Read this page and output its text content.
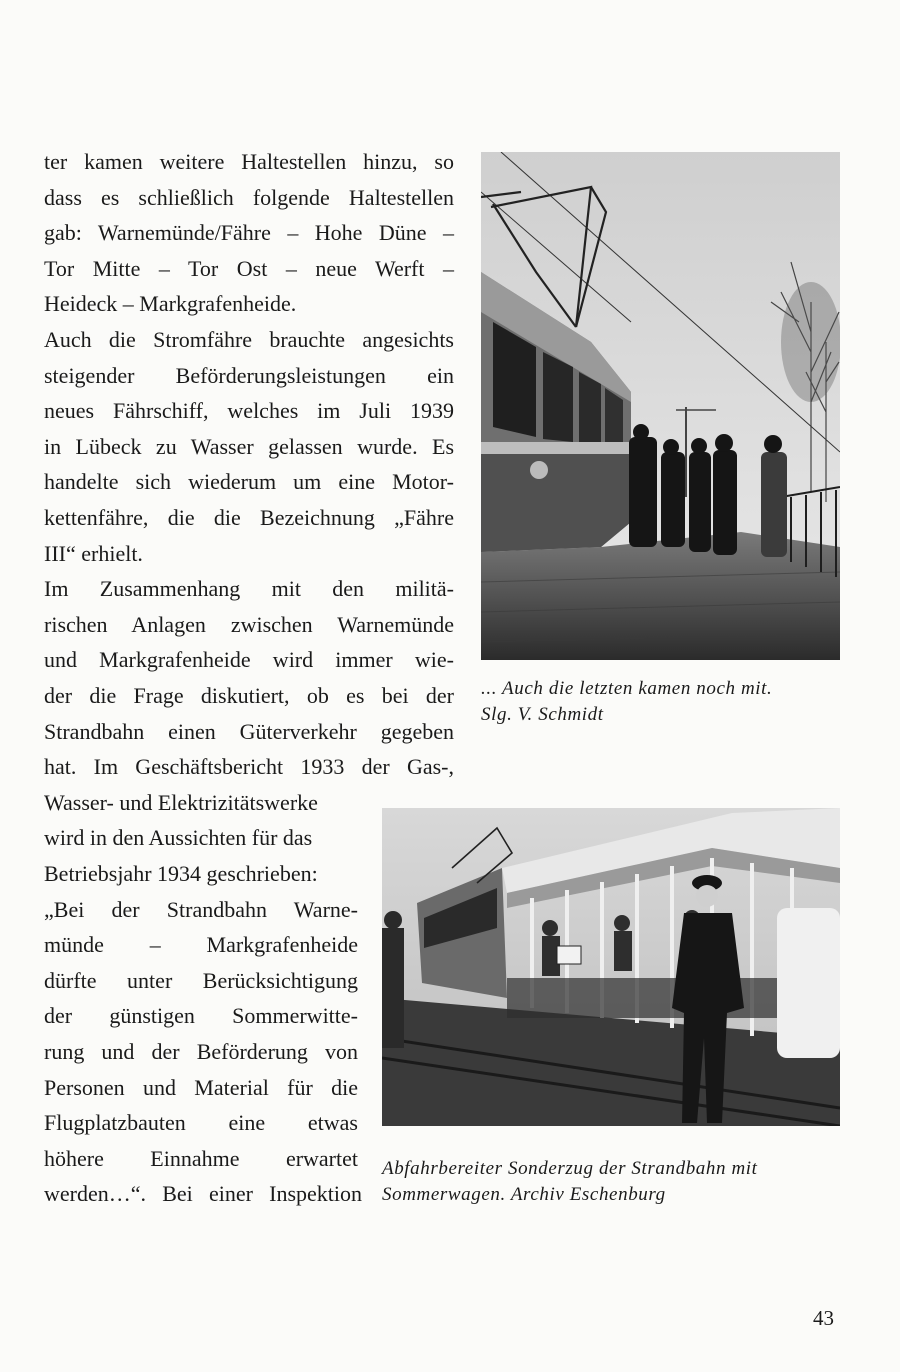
ter kamen weitere Haltestellen hinzu, so
dass es schließlich folgende Haltestellen
gab: Warnemünde/Fähre – Hohe Düne –
Tor Mitte – Tor Ost – neue Werft –
Heideck – Markgrafenheide.
Auch die Stromfähre brauchte angesichts
steigender Beförderungsleistungen ein
neues Fährschiff, welches im Juli 1939
in Lübeck zu Wasser gelassen wurde. Es
handelte sich wiederum um eine Motor-
kettenfähre, die die Bezeichnung „Fähre
III“ erhielt.
Im Zusammenhang mit den militä-
rischen Anlagen zwischen Warnemünde
und Markgrafenheide wird immer wie-
der die Frage diskutiert, ob es bei der
Strandbahn einen Güterverkehr gegeben
hat. Im Geschäftsbericht 1933 der Gas-,
Wasser- und Elektrizitätswerke
wird in den Aussichten für das
Betriebsjahr 1934 geschrieben:
„Bei der Strandbahn Warne-
münde – Markgrafenheide
dürfte unter Berücksichtigung
der günstigen Sommerwitte-
rung und der Beförderung von
Personen und Material für die
Flugplatzbauten eine etwas
höhere Einnahme erwartet
werden…“. Bei einer Inspektion
... Auch die letzten kamen noch mit.
Slg. V. Schmidt
Abfahrbereiter Sonderzug der Strandbahn mit
Sommerwagen. Archiv Eschenburg
43
